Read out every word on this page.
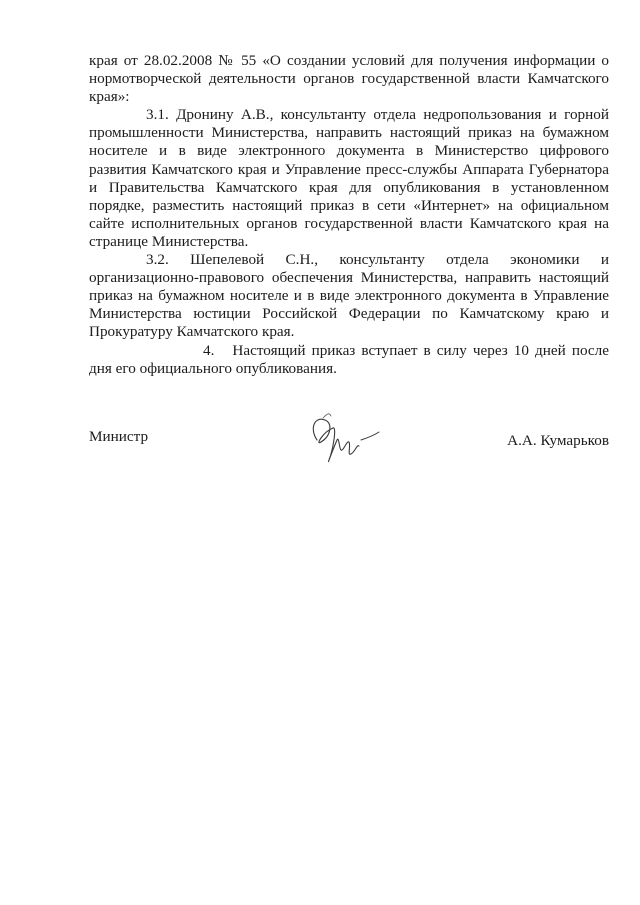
края от 28.02.2008 № 55 «О создании условий для получения информации о нормотворческой деятельности органов государственной власти Камчатского края»:

3.1. Дронину А.В., консультанту отдела недропользования и горной промышленности Министерства, направить настоящий приказ на бумажном носителе и в виде электронного документа в Министерство цифрового развития Камчатского края и Управление пресс-службы Аппарата Губернатора и Правительства Камчатского края для опубликования в установленном порядке, разместить настоящий приказ в сети «Интернет» на официальном сайте исполнительных органов государственной власти Камчатского края на странице Министерства.

3.2. Шепелевой С.Н., консультанту отдела экономики и организационно-правового обеспечения Министерства, направить настоящий приказ на бумажном носителе и в виде электронного документа в Управление Министерства юстиции Российской Федерации по Камчатскому краю и Прокуратуру Камчатского края.

4. Настоящий приказ вступает в силу через 10 дней после дня его официального опубликования.

Министр	А.А. Кумарьков
